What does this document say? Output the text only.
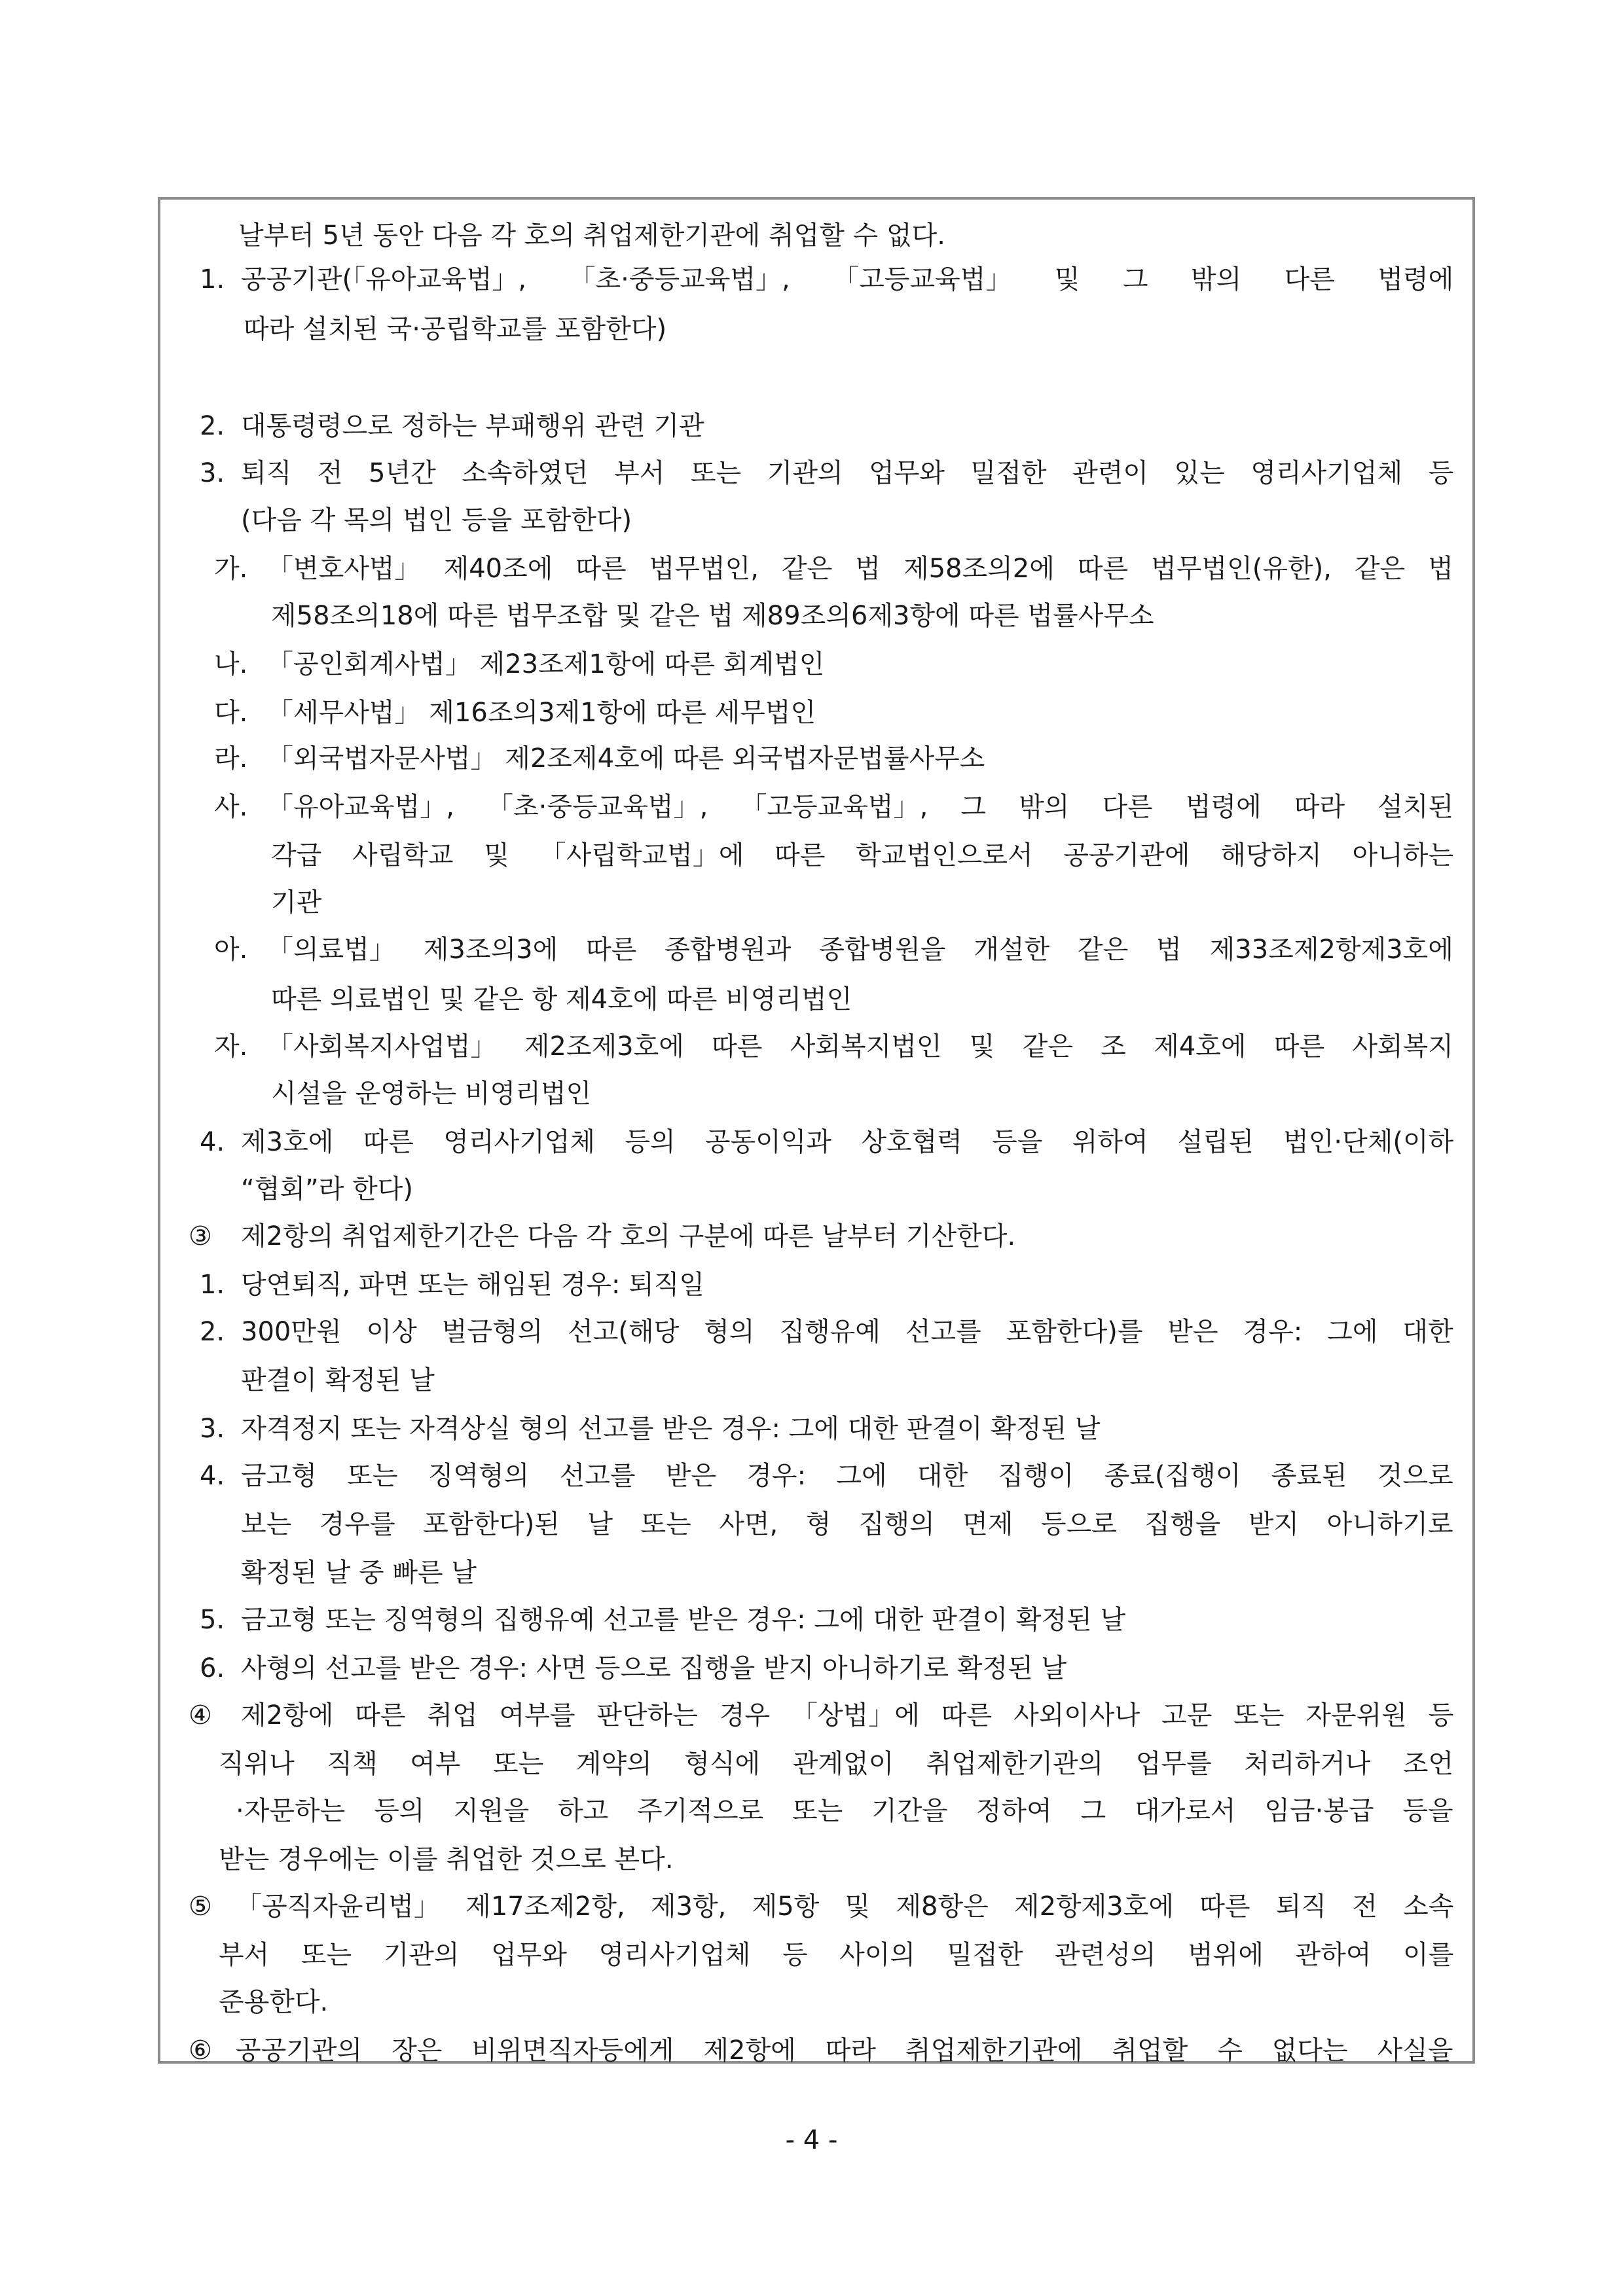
- 4 -
날부터 5년 동안 다음 각 호의 취업제한기관에 취업할 수 없다.
1. 공공기관(「유아교육법」, 「초·중등교육법」, 「고등교육법」 및 그 밖의 다른 법령에
따라 설치된 국·공립학교를 포함한다)
2. 대통령령으로 정하는 부패행위 관련 기관
3. 퇴직 전 5년간 소속하였던 부서 또는 기관의 업무와 밀접한 관련이 있는 영리사기업체 등
(다음 각 목의 법인 등을 포함한다)
가. 「변호사법」 제40조에 따른 법무법인, 같은 법 제58조의2에 따른 법무법인(유한), 같은 법
제58조의18에 따른 법무조합 및 같은 법 제89조의6제3항에 따른 법률사무소
나. 「공인회계사법」 제23조제1항에 따른 회계법인
다. 「세무사법」 제16조의3제1항에 따른 세무법인
라. 「외국법자문사법」 제2조제4호에 따른 외국법자문법률사무소
사. 「유아교육법」, 「초·중등교육법」, 「고등교육법」, 그 밖의 다른 법령에 따라 설치된
각급 사립학교 및 「사립학교법」에 따른 학교법인으로서 공공기관에 해당하지 아니하는
기관
아. 「의료법」 제3조의3에 따른 종합병원과 종합병원을 개설한 같은 법 제33조제2항제3호에
따른 의료법인 및 같은 항 제4호에 따른 비영리법인
자. 「사회복지사업법」 제2조제3호에 따른 사회복지법인 및 같은 조 제4호에 따른 사회복지
시설을 운영하는 비영리법인
4. 제3호에 따른 영리사기업체 등의 공동이익과 상호협력 등을 위하여 설립된 법인·단체(이하
“협회”라 한다)
③ 제2항의 취업제한기간은 다음 각 호의 구분에 따른 날부터 기산한다.
1. 당연퇴직, 파면 또는 해임된 경우: 퇴직일
2. 300만원 이상 벌금형의 선고(해당 형의 집행유예 선고를 포함한다)를 받은 경우: 그에 대한
판결이 확정된 날
3. 자격정지 또는 자격상실 형의 선고를 받은 경우: 그에 대한 판결이 확정된 날
4. 금고형 또는 징역형의 선고를 받은 경우: 그에 대한 집행이 종료(집행이 종료된 것으로
보는 경우를 포함한다)된 날 또는 사면, 형 집행의 면제 등으로 집행을 받지 아니하기로
확정된 날 중 빠른 날
5. 금고형 또는 징역형의 집행유예 선고를 받은 경우: 그에 대한 판결이 확정된 날
6. 사형의 선고를 받은 경우: 사면 등으로 집행을 받지 아니하기로 확정된 날
④ 제2항에 따른 취업 여부를 판단하는 경우 「상법」에 따른 사외이사나 고문 또는 자문위원 등
직위나 직책 여부 또는 계약의 형식에 관계없이 취업제한기관의 업무를 처리하거나 조언
·자문하는 등의 지원을 하고 주기적으로 또는 기간을 정하여 그 대가로서 임금·봉급 등을
받는 경우에는 이를 취업한 것으로 본다.
⑤ 「공직자윤리법」 제17조제2항, 제3항, 제5항 및 제8항은 제2항제3호에 따른 퇴직 전 소속
부서 또는 기관의 업무와 영리사기업체 등 사이의 밀접한 관련성의 범위에 관하여 이를
준용한다.
⑥ 공공기관의 장은 비위면직자등에게 제2항에 따라 취업제한기관에 취업할 수 없다는 사실을
